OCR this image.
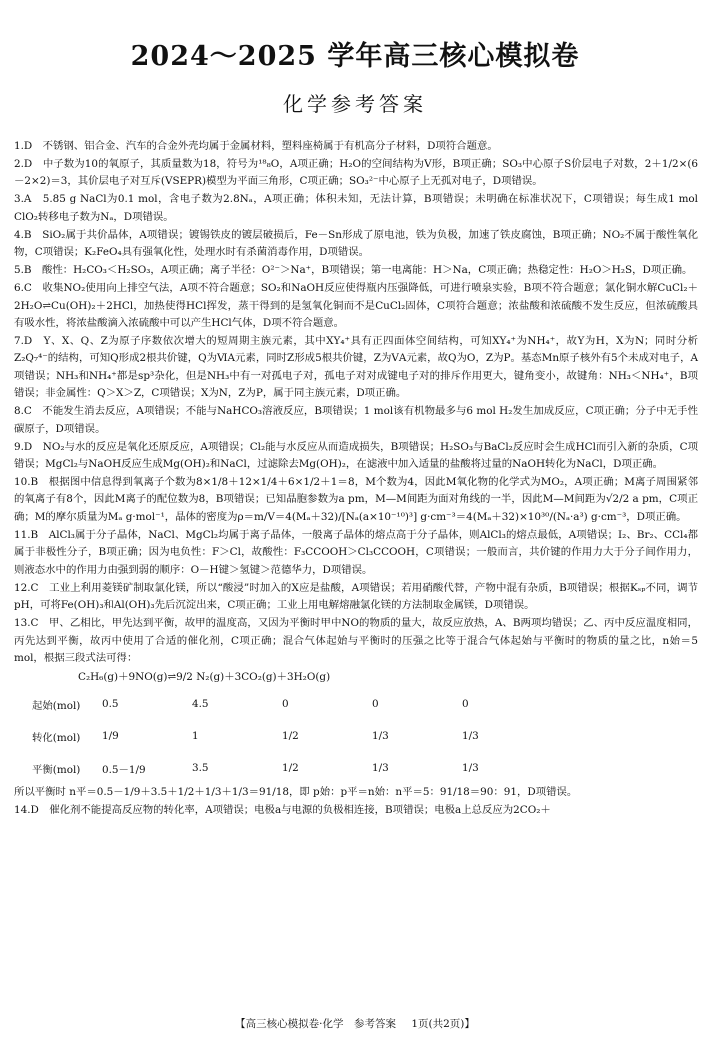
2024～2025 学年高三核心模拟卷
化学参考答案

1.D　不锈钢、铝合金、汽车的合金外壳均属于金属材料，塑料座椅属于有机高分子材料，D项符合题意。

2.D　中子数为10的氧原子，其质量数为18，符号为¹⁸₈O，A项正确；H₂O的空间结构为V形，B项正确；SO₃中心原子S价层电子对数，2＋1/2×(6－2×2)＝3，其价层电子对互斥(VSEPR)模型为平面三角形，C项正确；SO₃²⁻中心原子上无孤对电子，D项错误。

3.A　5.85 g NaCl为0.1 mol，含电子数为2.8Nₐ，A项正确；体积未知，无法计算，B项错误；未明确在标准状况下，C项错误；每生成1 mol ClO₂转移电子数为Nₐ，D项错误。

4.B　SiO₂属于共价晶体，A项错误；镀锡铁皮的镀层破损后，Fe－Sn形成了原电池，铁为负极，加速了铁皮腐蚀，B项正确；NO₂不属于酸性氧化物，C项错误；K₂FeO₄具有强氧化性，处理水时有杀菌消毒作用，D项错误。

5.B　酸性：H₂CO₃＜H₂SO₃，A项正确；离子半径：O²⁻＞Na⁺，B项错误；第一电离能：H＞Na，C项正确；热稳定性：H₂O＞H₂S，D项正确。

6.C　收集NO₂使用向上排空气法，A项不符合题意；SO₂和NaOH反应使得瓶内压强降低，可进行喷泉实验，B项不符合题意；氯化铜水解CuCl₂＋2H₂O⇌Cu(OH)₂＋2HCl，加热使得HCl挥发，蒸干得到的是氢氧化铜而不是CuCl₂固体，C项符合题意；浓盐酸和浓硫酸不发生反应，但浓硫酸具有吸水性，将浓盐酸滴入浓硫酸中可以产生HCl气体，D项不符合题意。

7.D　Y、X、Q、Z为原子序数依次增大的短周期主族元素，其中XY₄⁺具有正四面体空间结构，可知XY₄⁺为NH₄⁺，故Y为H，X为N；同时分析Z₂Q₇⁴⁻的结构，可知Q形成2根共价键，Q为ⅥA元素，同时Z形成5根共价键，Z为ⅤA元素，故Q为O，Z为P。基态Mn原子核外有5个未成对电子，A项错误；NH₃和NH₄⁺都是sp³杂化，但是NH₃中有一对孤电子对，孤电子对对成键电子对的排斥作用更大，键角变小，故键角：NH₃＜NH₄⁺，B项错误；非金属性：Q＞X＞Z，C项错误；X为N，Z为P，属于同主族元素，D项正确。

8.C　不能发生消去反应，A项错误；不能与NaHCO₃溶液反应，B项错误；1 mol该有机物最多与6 mol H₂发生加成反应，C项正确；分子中无手性碳原子，D项错误。

9.D　NO₂与水的反应是氧化还原反应，A项错误；Cl₂能与水反应从而造成损失，B项错误；H₂SO₃与BaCl₂反应时会生成HCl而引入新的杂质，C项错误；MgCl₂与NaOH反应生成Mg(OH)₂和NaCl，过滤除去Mg(OH)₂，在滤液中加入适量的盐酸将过量的NaOH转化为NaCl，D项正确。

10.B　根据图中信息得到氧离子个数为8×1/8＋12×1/4＋6×1/2＋1＝8，M个数为4，因此M氧化物的化学式为MO₂，A项正确；M离子周围紧邻的氧离子有8个，因此M离子的配位数为8，B项错误；已知晶胞参数为a pm，M—M间距为面对角线的一半，因此M—M间距为√2/2 a pm，C项正确；M的摩尔质量为Mₐ g·mol⁻¹，晶体的密度为ρ＝m/V＝4(Mₐ＋32)/[Nₐ(a×10⁻¹⁰)³] g·cm⁻³＝4(Mₐ＋32)×10³⁰/(Nₐ·a³) g·cm⁻³，D项正确。

11.B　AlCl₃属于分子晶体，NaCl、MgCl₂均属于离子晶体，一般离子晶体的熔点高于分子晶体，则AlCl₃的熔点最低，A项错误；I₂、Br₂、CCl₄都属于非极性分子，B项正确；因为电负性：F＞Cl，故酸性：F₃CCOOH＞Cl₃CCOOH，C项错误；一般而言，共价键的作用力大于分子间作用力，则液态水中的作用力由强到弱的顺序：O－H键＞氢键＞范德华力，D项错误。

12.C　工业上利用菱镁矿制取氯化镁，所以“酸浸”时加入的X应是盐酸，A项错误；若用硝酸代替，产物中混有杂质，B项错误；根据Kₛₚ不同，调节pH，可将Fe(OH)₃和Al(OH)₃先后沉淀出来，C项正确；工业上用电解熔融氯化镁的方法制取金属镁，D项错误。

13.C　甲、乙相比，甲先达到平衡，故甲的温度高，又因为平衡时甲中NO的物质的量大，故反应放热，A、B两项均错误；乙、丙中反应温度相同，丙先达到平衡，故丙中使用了合适的催化剂，C项正确；混合气体起始与平衡时的压强之比等于混合气体起始与平衡时的物质的量之比，n始＝5 mol，根据三段式法可得：

C₂H₆(g)＋9NO(g)⇌9/2 N₂(g)＋3CO₂(g)＋3H₂O(g)
起始(mol)	0.5	4.5	0	0	0
转化(mol)	1/9	1	1/2	1/3	1/3
平衡(mol)	0.5－1/9	3.5	1/2	1/3	1/3

所以平衡时 n平＝0.5－1/9＋3.5＋1/2＋1/3＋1/3＝91/18，即 p始：p平＝n始：n平＝5：91/18＝90：91，D项错误。

14.D　催化剂不能提高反应物的转化率，A项错误；电极a与电源的负极相连接，B项错误；电极a上总反应为2CO₂＋

【高三核心模拟卷·化学　参考答案 1页(共2页)】
